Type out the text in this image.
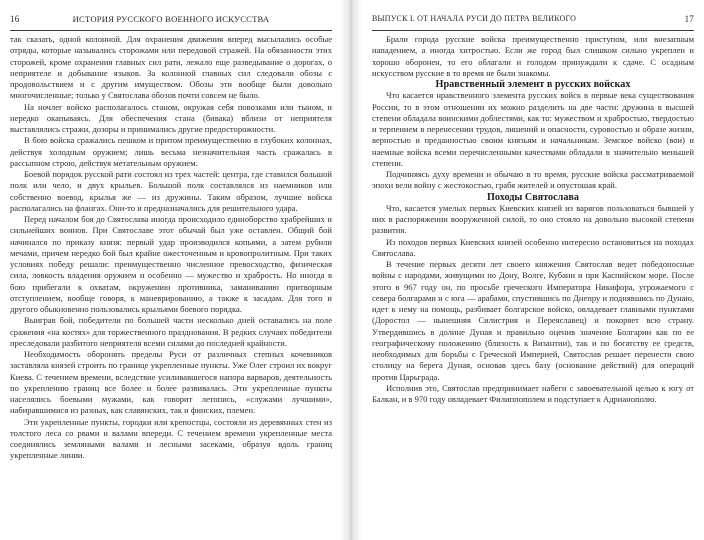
16	ИСТОРИЯ РУССКОГО ВОЕННОГО ИСКУССТВА

так сказать, одной колонной. Для охранения движения вперед высылались особые отряды, которые назывались сторожами или передовой стражей. На обязанности этих сторожей, кроме охранения главных сил рати, лежало еще разведывание о дорогах, о неприятеле и добывание языков. За колонной главных сил следовали обозы с продовольствием и с другим имуществом. Обозы эти вообще были довольно многочисленные; только у Святослава обозов почти совсем не было.

На ночлег войско располагалось станом, окружая себя повозками или тыном, и нередко окапываясь. Для обеспечения стана (бивака) вблизи от неприятеля выставлялись стражи, дозоры и принимались другие предосторожности.

В бою войска сражались пешком и притом преимущественно в глубоких колоннах, действуя холодным оружием; лишь весьма незначительная часть сражалась в рассыпном строю, действуя метательным оружием.

Боевой порядок русской рати состоял из трех частей: центра, где ставился большой полк или чело, и двух крыльев. Большой полк составлялся из наемников или собственно воевод, крылья же — из дружины. Таким образом, лучшие войска располагались на флангах. Они-то и предназначались для решительного удара.

Перед началом боя до Святослава иногда происходило единоборство храбрейших и сильнейших воинов. При Святославе этот обычай был уже оставлен. Общий бой начинался по приказу князя: первый удар производился копьями, а затем рубили мечами, причем нередко бой был крайне ожесточенным и кровопролитным. При таких условиях победу решали: преимущественно численное превосходство, физическая сила, ловкость владения оружием и особенно — мужество и храбрость. Но иногда в бою прибегали к охватам, окружению противника, заманиванию притворным отступлением, вообще говоря, к маневрированию, а также к засадам. Для того и другого обыкновенно пользовались крыльями боевого порядка.

Выиграв бой, победители по большей части несколько дней оставались на поле сражения «на костях» для торжественного празднования. В редких случаях победители преследовали разбитого неприятеля всеми силами до последней крайности.

Необходимость оборонять пределы Руси от различных степных кочевников заставляла князей строить по границе укрепленные пункты. Уже Олег строил их вокруг Киева. С течением времени, вследствие усиливавшегося напора варваров, деятельность по укреплению границ все более и более развивалась. Эти укрепленные пункты населялись боевыми мужами, как говорит летопись, «служами лучшими», набиравшимися из разных, как славянских, так и финских, племен.

Эти укрепленные пункты, городки или крепостцы, состояли из деревянных стен из толстого леса со рвами и валами впереди. С течением времени укрепленные места соединялись земляными валами и лесными засеками, образуя вдоль границ укрепленные линии.

ВЫПУСК I. ОТ НАЧАЛА РУСИ ДО ПЕТРА ВЕЛИКОГО	17

Брали города русские войска преимущественно приступом, или внезапным нападением, а иногда хитростью. Если же город был слишком сильно укреплен и хорошо оборонен, то его облагали и голодом принуждали к сдаче. С осадным искусством русские в то время не были знакомы.

Нравственный элемент в русских войсках

Что касается нравственного элемента русских войск в первые века существования России, то в этом отношении их можно разделить на две части: дружина в высшей степени обладала воинскими доблестями, как то: мужеством и храбростью, твердостью и терпением в перенесении трудов, лишений и опасности, суровостью и образе жизни, верностью и преданностью своим князьям и начальникам. Земское войско (вои) и наемные войска всеми перечисленными качествами обладали в значительно меньшей степени.

Подчиняясь духу времени и обычаю в то время, русские войска рассматриваемой эпохи вели войну с жестокостью, грабя жителей и опустошая край.

Походы Святослава

Что, касается умелых первых Киевских князей из варягов пользоваться бывшей у них в распоряжении вооруженной силой, то оно стояло на довольно высокой степени развития.

Из походов первых Киевских князей особенно интересно остановиться на походах Святослава.

В течение первых десяти лет своего княжения Святослав ведет победоносные войны с народами, живущими по Дону, Волге, Кубани и при Каспийском море. После этого в 967 году он, по просьбе греческого Императора Никифора, угрожаемого с севера болгарами и с юга — арабами, спустившись по Днепру и поднявшись по Дунаю, идет к нему на помощь, разбивает болгарское войско, овладевает главными пунктами (Доростол — нынешняя Силистрия и Переяславец) и покоряет всю страну. Утвердившись в долине Дуная и правильно оценив значение Болгарии как по ее географическому положению (близость к Византии), так и по богатству ее средств, необходимых для борьбы с Греческой Империей, Святослав решает перенести свою столицу на берега Дуная, основав здесь базу (основание действий) для операций против Царьграда.

Исполнив это, Святослав предпринимает набеги с завоевательной целью к югу от Балкан, и в 970 году овладевает Филиппополем и подступает к Адрианополю.
